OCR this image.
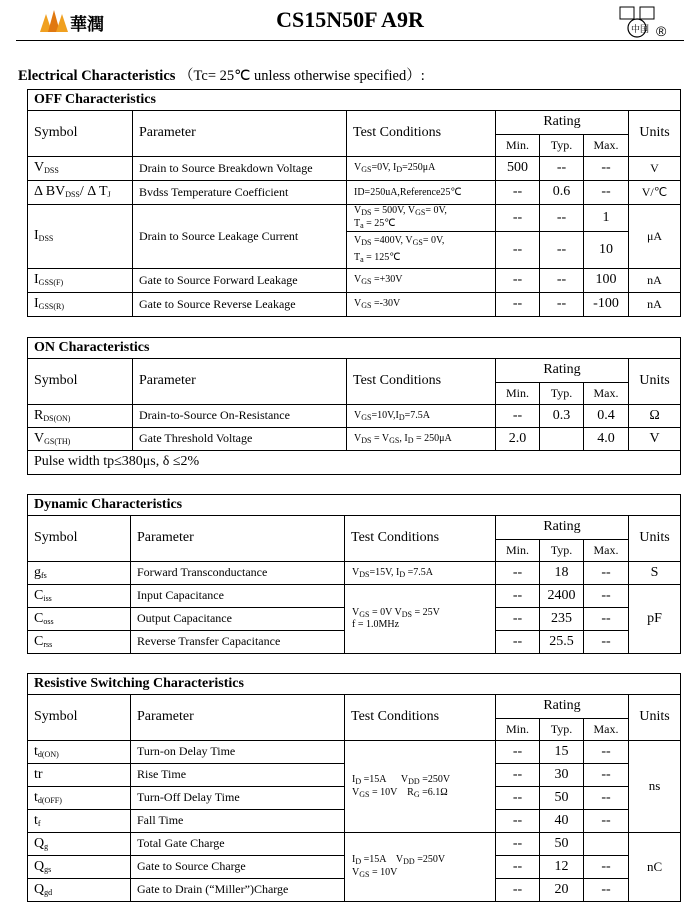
華潤	CS15N50F A9R	中国 ®
Electrical Characteristics （Tc= 25℃ unless otherwise specified）:
OFF Characteristics						
Symbol	Parameter	Test Conditions	Rating			Units
			Min.	Typ.	Max.	
$V_{DSS}$	Drain to Source Breakdown Voltage	$V_{GS}=0V$, $I_D=250\mu A$	500	--	--	V
Δ $BV_{DSS}/$ Δ $T_J$	Bvdss Temperature Coefficient	ID=250uA,Reference25℃	--	0.6	--	V/℃
$I_{DSS}$	Drain to Source Leakage Current	$V_{DS} = 500V$, $V_{GS}= 0V$,
$T_a$ = 25℃	--	--	1	μA
		$V_{DS} =400V$, $V_{GS}= 0V$,
$T_a$ = 125℃	--	--	10	
$I_{GSS(F)}$	Gate to Source Forward Leakage	$V_{GS} =+30V$	--	--	100	nA
$I_{GSS(R)}$	Gate to Source Reverse Leakage	$V_{GS} =-30V$	--	--	-100	nA
ON Characteristics						
Symbol	Parameter	Test Conditions	Rating			Units
			Min.	Typ.	Max.	
$R_{DS(ON)}$	Drain-to-Source On-Resistance	$V_{GS}=10V,I_D=7.5A$	--	0.3	0.4	Ω
$V_{GS(TH)}$	Gate Threshold Voltage	$V_{DS} = V_{GS}$, $I_D = 250\mu A$	2.0		4.0	V
Pulse width tp≤380μs, δ ≤2%						
Dynamic Characteristics						
Symbol	Parameter	Test Conditions	Rating			Units
			Min.	Typ.	Max.	
$g_{fs}$	Forward Transconductance	$V_{DS}=15V$, $I_D =7.5A$	--	18	--	S
$C_{iss}$	Input Capacitance	$V_{GS} = 0V$ $V_{DS} = 25V$
f = 1.0MHz	--	2400	--	pF
$C_{oss}$	Output Capacitance		--	235	--	
$C_{rss}$	Reverse Transfer Capacitance		--	25.5	--	
Resistive Switching Characteristics						
Symbol	Parameter	Test Conditions	Rating			Units
			Min.	Typ.	Max.	
$t_{d(ON)}$	Turn-on Delay Time	$I_D =15A$      $V_{DD} =250V$
$V_{GS} = 10V$    $R_G =6.1\Omega$	--	15	--	ns
tr	Rise Time		--	30	--	
$t_{d(OFF)}$	Turn-Off Delay Time		--	50	--	
$t_f$	Fall Time		--	40	--	
$Q_g$	Total Gate Charge	$I_D =15A$    $V_{DD} =250V$
$V_{GS} = 10V$	--	50		nC
$Q_{gs}$	Gate to Source Charge		--	12	--	
$Q_{gd}$	Gate to Drain (“Miller”)Charge		--	20	--	
